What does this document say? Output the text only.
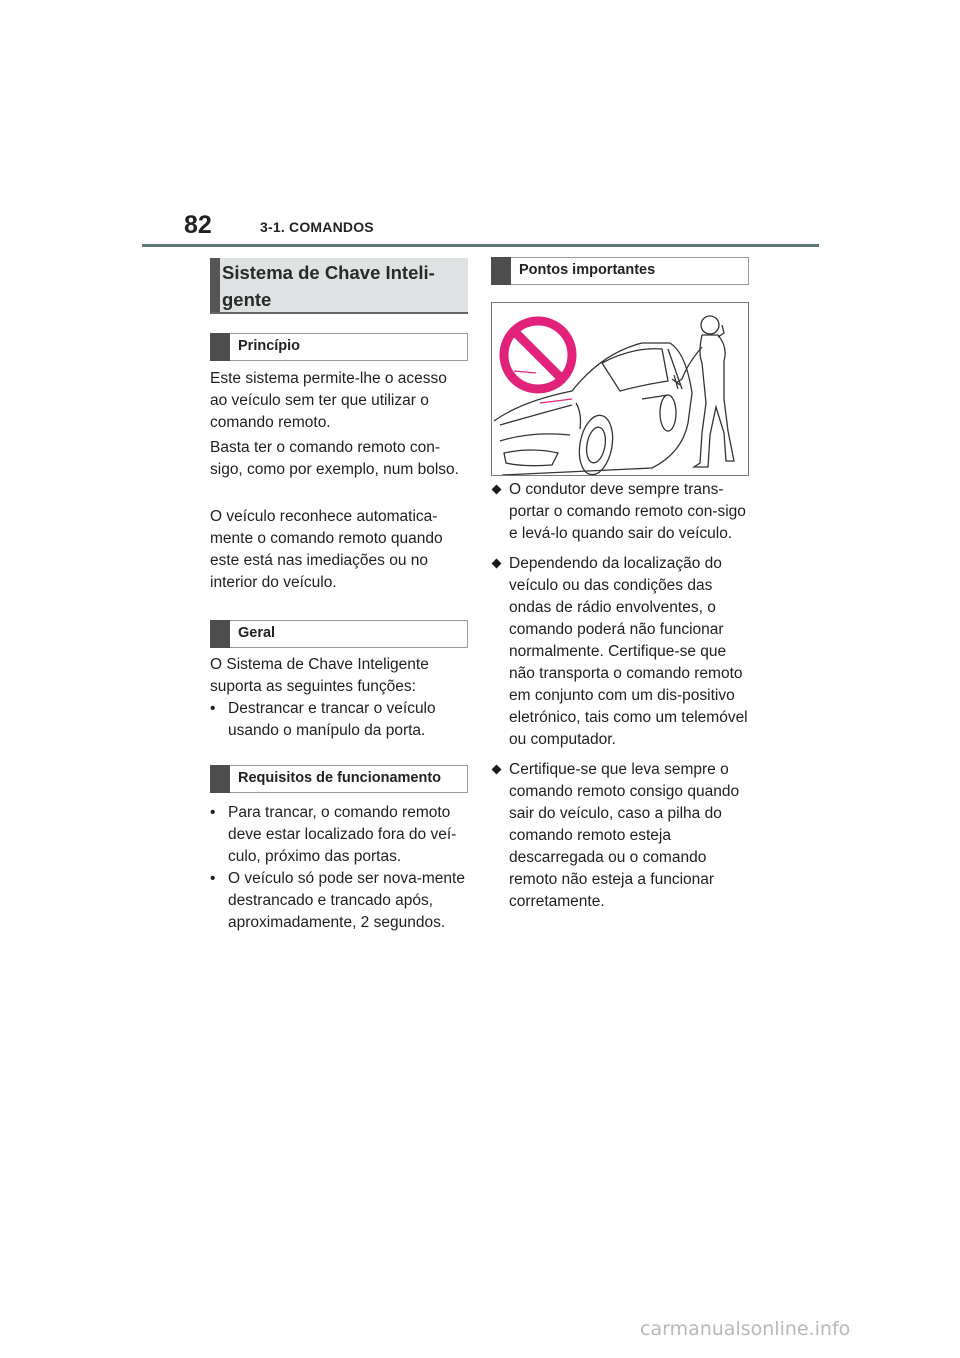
82	3-1. COMANDOS
Sistema de Chave Inteli-gente
Princípio
Este sistema permite-lhe o acesso ao veículo sem ter que utilizar o comando remoto.
Basta ter o comando remoto con-sigo, como por exemplo, num bolso.
O veículo reconhece automatica-mente o comando remoto quando este está nas imediações ou no interior do veículo.
Geral
O Sistema de Chave Inteligente suporta as seguintes funções:
• Destrancar e trancar o veículo usando o manípulo da porta.
Requisitos de funcionamento
• Para trancar, o comando remoto deve estar localizado fora do veí-culo, próximo das portas.
• O veículo só pode ser nova-mente destrancado e trancado após, aproximadamente, 2 segundos.
Pontos importantes
O condutor deve sempre trans-portar o comando remoto con-sigo e levá-lo quando sair do veículo.
Dependendo da localização do veículo ou das condições das ondas de rádio envolventes, o comando poderá não funcionar normalmente. Certifique-se que não transporta o comando remoto em conjunto com um dis-positivo eletrónico, tais como um telemóvel ou computador.
Certifique-se que leva sempre o comando remoto consigo quando sair do veículo, caso a pilha do comando remoto esteja descarregada ou o comando remoto não esteja a funcionar corretamente.
carmanualsonline.info
